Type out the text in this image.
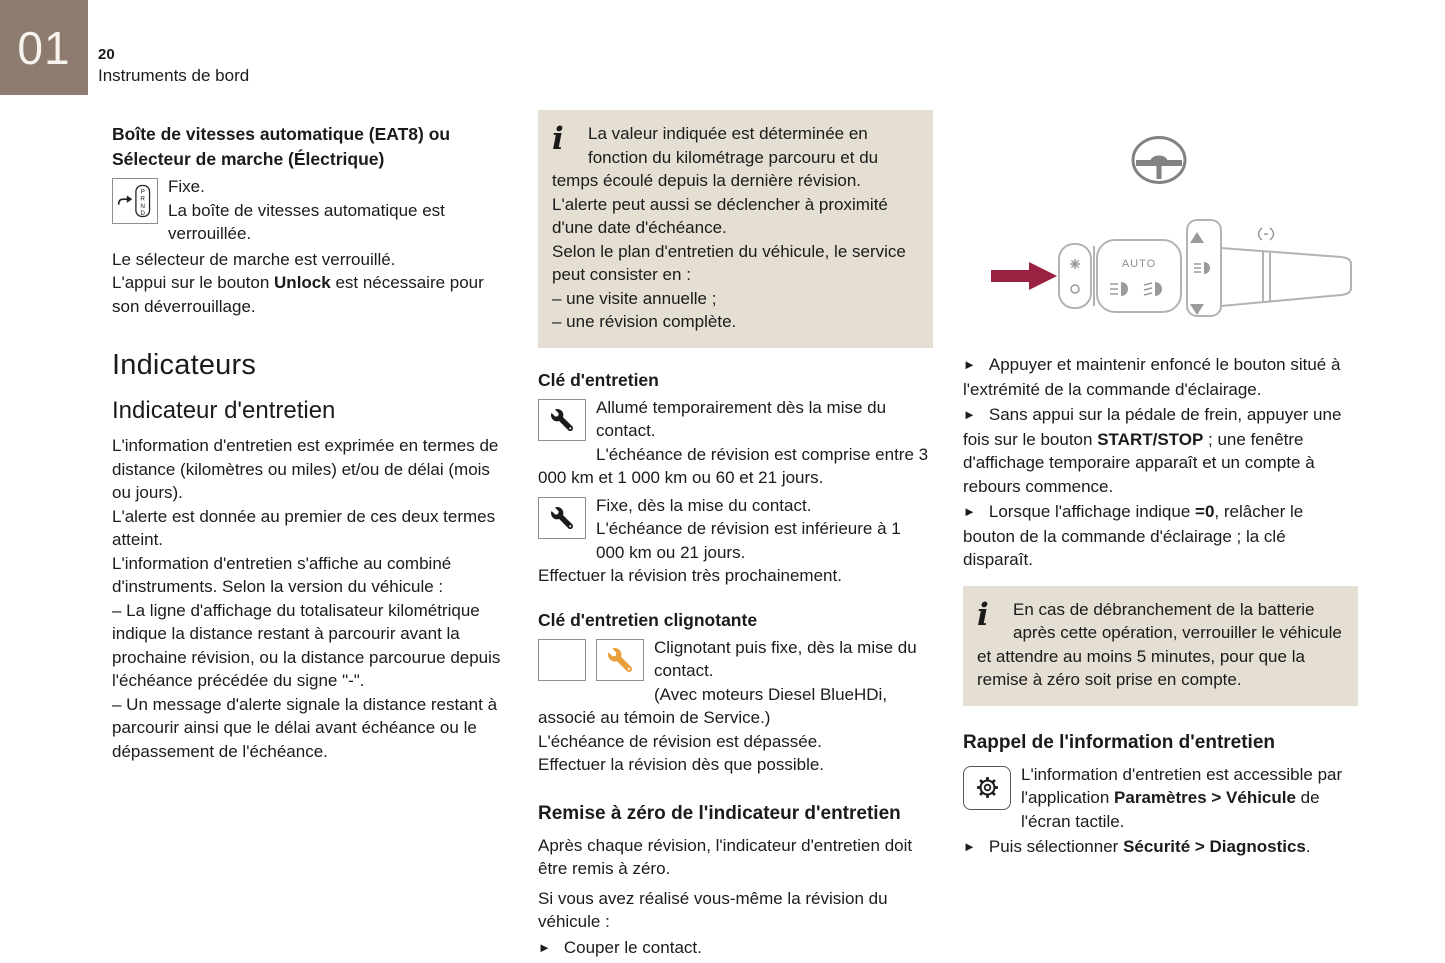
01 20
Instruments de bord
Boîte de vitesses automatique (EAT8) ou Sélecteur de marche (Électrique)
P
R
N
D

Fixe.

La boîte de vitesses automatique est verrouillée.

Le sélecteur de marche est verrouillé.

L'appui sur le bouton Unlock est nécessaire pour son déverrouillage.

Indicateurs
Indicateur d'entretien

L'information d'entretien est exprimée en termes de distance (kilomètres ou miles) et/ou de délai (mois ou jours).

L'alerte est donnée au premier de ces deux termes atteint.

L'information d'entretien s'affiche au combiné d'instruments. Selon la version du véhicule :

– La ligne d'affichage du totalisateur kilométrique indique la distance restant à parcourir avant la prochaine révision, ou la distance parcourue depuis l'échéance précédée du signe "-".

– Un message d'alerte signale la distance restant à parcourir ainsi que le délai avant échéance ou le dépassement de l'échéance.

i	La valeur indiquée est déterminée en fonction du kilométrage parcouru et du temps écoulé depuis la dernière révision.

L'alerte peut aussi se déclencher à proximité d'une date d'échéance.

Selon le plan d'entretien du véhicule, le service peut consister en :

– une visite annuelle ;

– une révision complète.

Clé d'entretien

Allumé temporairement dès la mise du contact.

L'échéance de révision est comprise entre 3 000 km et 1 000 km ou 60 et 21 jours.

Fixe, dès la mise du contact.

L'échéance de révision est inférieure à 1 000 km ou 21 jours.

Effectuer la révision très prochainement.

Clé d'entretien clignotante

Clignotant puis fixe, dès la mise du contact.

(Avec moteurs Diesel BlueHDi, associé au témoin de Service.)

L'échéance de révision est dépassée.

Effectuer la révision dès que possible.

Remise à zéro de l'indicateur d'entretien

Après chaque révision, l'indicateur d'entretien doit être remis à zéro.

Si vous avez réalisé vous-même la révision du véhicule :

► Couper le contact.

AUTO

► Appuyer et maintenir enfoncé le bouton situé à l'extrémité de la commande d'éclairage.

► Sans appui sur la pédale de frein, appuyer une fois sur le bouton START/STOP ; une fenêtre d'affichage temporaire apparaît et un compte à rebours commence.

► Lorsque l'affichage indique =0, relâcher le bouton de la commande d'éclairage ; la clé disparaît.

i	En cas de débranchement de la batterie après cette opération, verrouiller le véhicule et attendre au moins 5 minutes, pour que la remise à zéro soit prise en compte.

Rappel de l'information d'entretien

L'information d'entretien est accessible par l'application Paramètres > Véhicule de l'écran tactile.

► Puis sélectionner Sécurité > Diagnostics.
